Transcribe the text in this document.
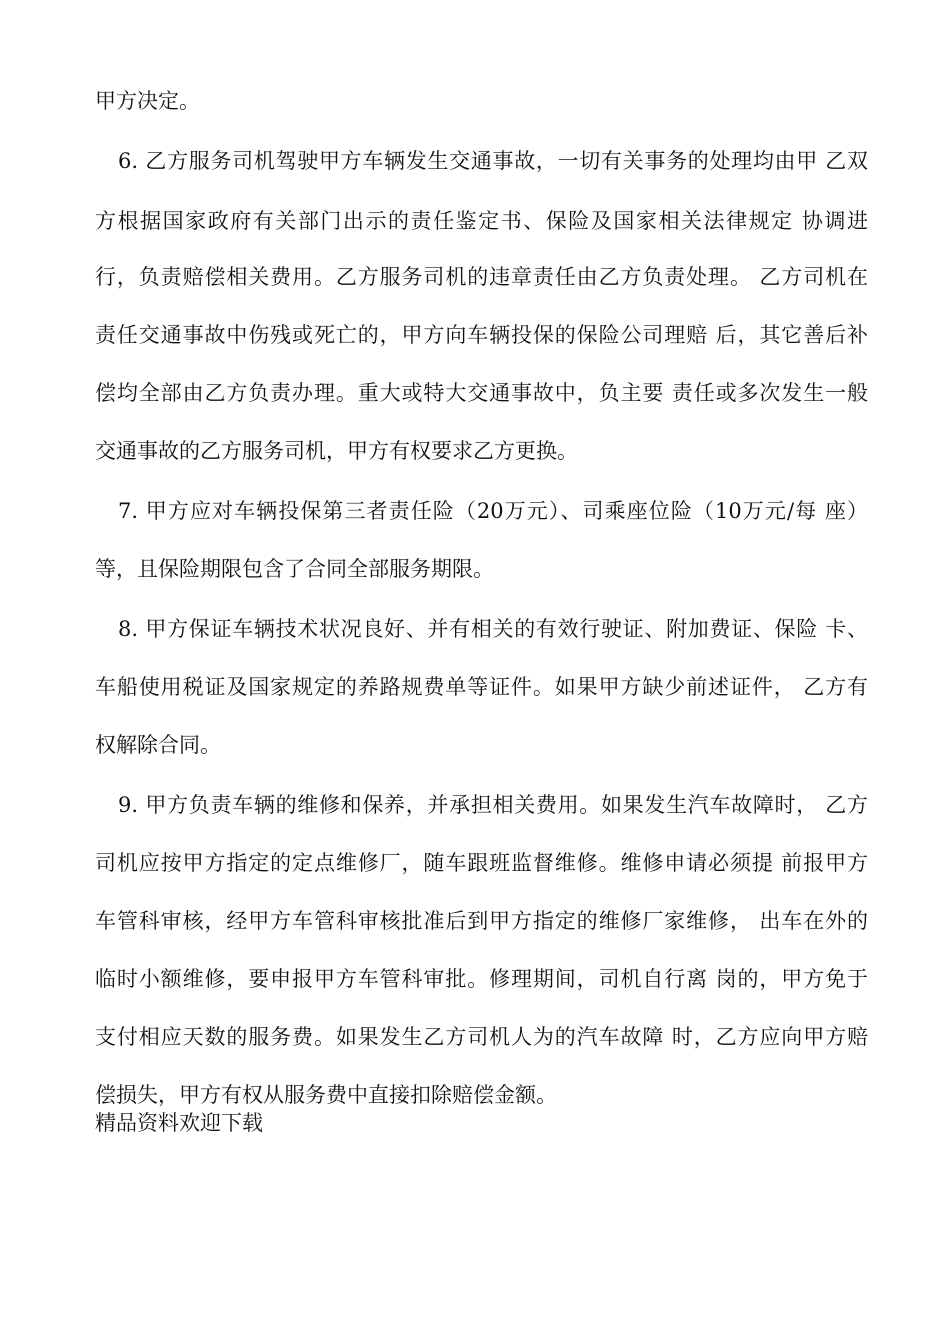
甲方决定。
6. 乙方服务司机驾驶甲方车辆发生交通事故，一切有关事务的处理均由甲 乙双
方根据国家政府有关部门出示的责任鉴定书、保险及国家相关法律规定 协调进
行，负责赔偿相关费用。乙方服务司机的违章责任由乙方负责处理。 乙方司机在
责任交通事故中伤残或死亡的，甲方向车辆投保的保险公司理赔 后，其它善后补
偿均全部由乙方负责办理。重大或特大交通事故中，负主要 责任或多次发生一般
交通事故的乙方服务司机，甲方有权要求乙方更换。
7. 甲方应对车辆投保第三者责任险（20万元）、司乘座位险（10万元/每 座）
等，且保险期限包含了合同全部服务期限。
8. 甲方保证车辆技术状况良好、并有相关的有效行驶证、附加费证、保险 卡、
车船使用税证及国家规定的养路规费单等证件。如果甲方缺少前述证件， 乙方有
权解除合同。
9. 甲方负责车辆的维修和保养，并承担相关费用。如果发生汽车故障时， 乙方
司机应按甲方指定的定点维修厂，随车跟班监督维修。维修申请必须提 前报甲方
车管科审核，经甲方车管科审核批准后到甲方指定的维修厂家维修， 出车在外的
临时小额维修，要申报甲方车管科审批。修理期间，司机自行离 岗的，甲方免于
支付相应天数的服务费。如果发生乙方司机人为的汽车故障 时，乙方应向甲方赔
偿损失，甲方有权从服务费中直接扣除赔偿金额。
精品资料欢迎下载
